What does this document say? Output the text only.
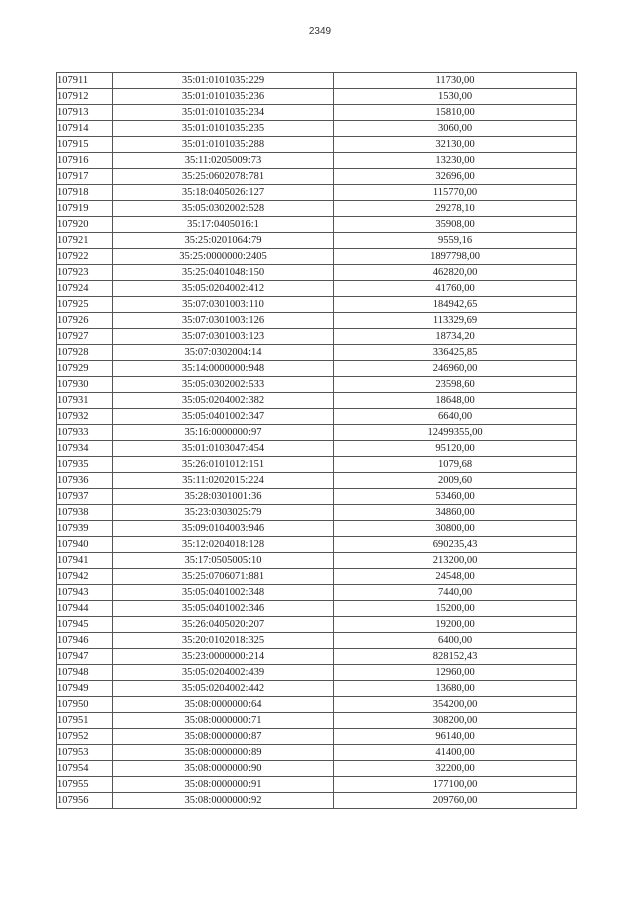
2349
107911	35:01:0101035:229	11730,00
107912	35:01:0101035:236	1530,00
107913	35:01:0101035:234	15810,00
107914	35:01:0101035:235	3060,00
107915	35:01:0101035:288	32130,00
107916	35:11:0205009:73	13230,00
107917	35:25:0602078:781	32696,00
107918	35:18:0405026:127	115770,00
107919	35:05:0302002:528	29278,10
107920	35:17:0405016:1	35908,00
107921	35:25:0201064:79	9559,16
107922	35:25:0000000:2405	1897798,00
107923	35:25:0401048:150	462820,00
107924	35:05:0204002:412	41760,00
107925	35:07:0301003:110	184942,65
107926	35:07:0301003:126	113329,69
107927	35:07:0301003:123	18734,20
107928	35:07:0302004:14	336425,85
107929	35:14:0000000:948	246960,00
107930	35:05:0302002:533	23598,60
107931	35:05:0204002:382	18648,00
107932	35:05:0401002:347	6640,00
107933	35:16:0000000:97	12499355,00
107934	35:01:0103047:454	95120,00
107935	35:26:0101012:151	1079,68
107936	35:11:0202015:224	2009,60
107937	35:28:0301001:36	53460,00
107938	35:23:0303025:79	34860,00
107939	35:09:0104003:946	30800,00
107940	35:12:0204018:128	690235,43
107941	35:17:0505005:10	213200,00
107942	35:25:0706071:881	24548,00
107943	35:05:0401002:348	7440,00
107944	35:05:0401002:346	15200,00
107945	35:26:0405020:207	19200,00
107946	35:20:0102018:325	6400,00
107947	35:23:0000000:214	828152,43
107948	35:05:0204002:439	12960,00
107949	35:05:0204002:442	13680,00
107950	35:08:0000000:64	354200,00
107951	35:08:0000000:71	308200,00
107952	35:08:0000000:87	96140,00
107953	35:08:0000000:89	41400,00
107954	35:08:0000000:90	32200,00
107955	35:08:0000000:91	177100,00
107956	35:08:0000000:92	209760,00
